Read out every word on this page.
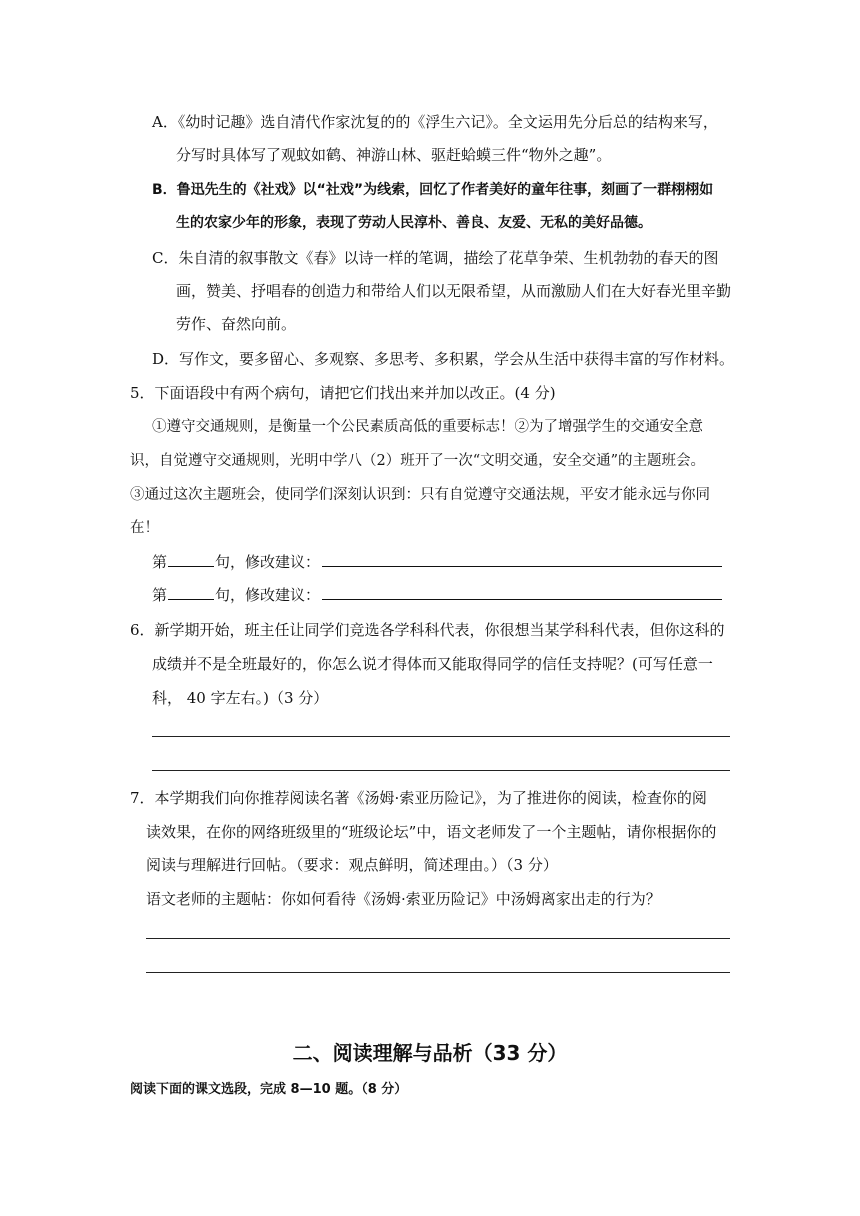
A．《幼时记趣》选自清代作家沈复的的《浮生六记》。全文运用先分后总的结构来写，
分写时具体写了观蚊如鹤、神游山林、驱赶蛤蟆三件“物外之趣”。
B．鲁迅先生的《社戏》以“社戏”为线索，回忆了作者美好的童年往事，刻画了一群栩栩如
生的农家少年的形象，表现了劳动人民淳朴、善良、友爱、无私的美好品德。
C．朱自清的叙事散文《春》以诗一样的笔调，描绘了花草争荣、生机勃勃的春天的图
画，赞美、抒唱春的创造力和带给人们以无限希望，从而激励人们在大好春光里辛勤
劳作、奋然向前。
D．写作文，要多留心、多观察、多思考、多积累，学会从生活中获得丰富的写作材料。
5．下面语段中有两个病句，请把它们找出来并加以改正。(4 分)
①遵守交通规则，是衡量一个公民素质高低的重要标志！②为了增强学生的交通安全意
识，自觉遵守交通规则，光明中学八（2）班开了一次“文明交通，安全交通”的主题班会。
③通过这次主题班会，使同学们深刻认识到：只有自觉遵守交通法规，平安才能永远与你同
在！
第	句，修改建议：
第	句，修改建议：
6．新学期开始，班主任让同学们竞选各学科科代表，你很想当某学科科代表，但你这科的
成绩并不是全班最好的，你怎么说才得体而又能取得同学的信任支持呢？(可写任意一
科， 40 字左右。)（3 分）
7．本学期我们向你推荐阅读名著《汤姆·索亚历险记》，为了推进你的阅读，检查你的阅
读效果，在你的网络班级里的“班级论坛”中，语文老师发了一个主题帖，请你根据你的
阅读与理解进行回帖。（要求：观点鲜明，简述理由。）（3 分）
语文老师的主题帖：你如何看待《汤姆·索亚历险记》中汤姆离家出走的行为？
二、阅读理解与品析（33 分）
阅读下面的课文选段，完成 8—10 题。（8 分）
